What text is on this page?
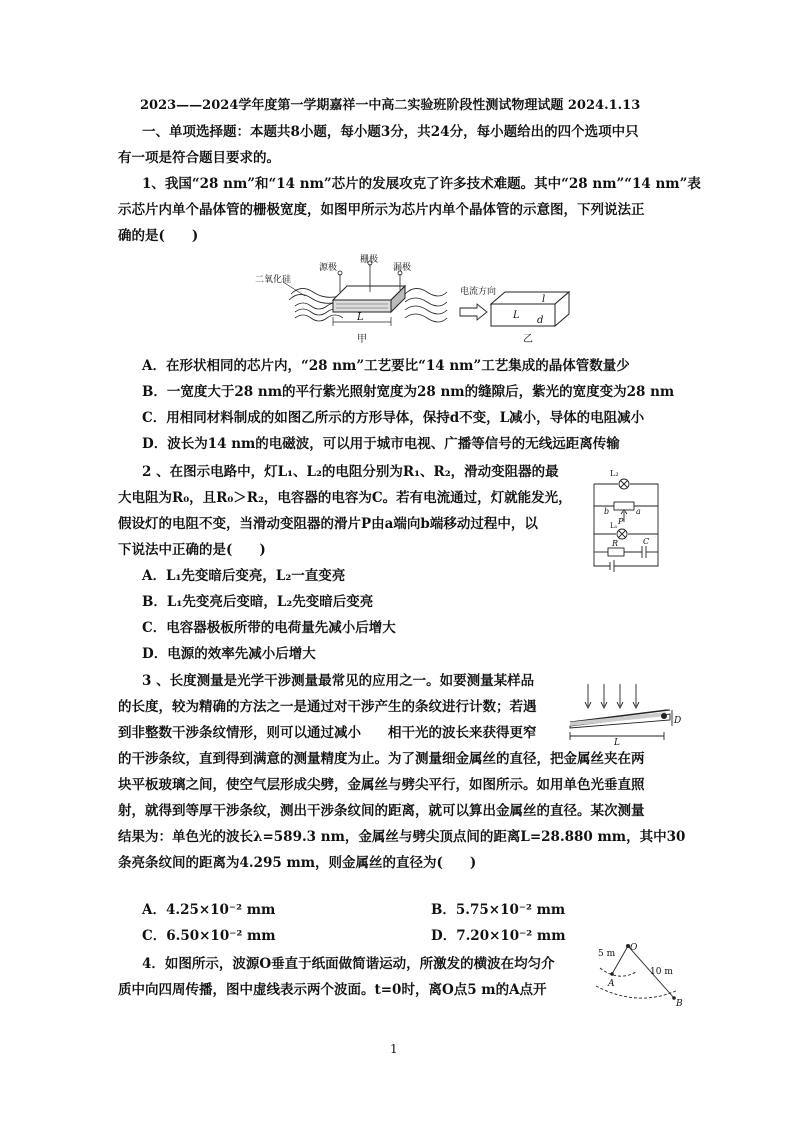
2023——2024学年度第一学期嘉祥一中高二实验班阶段性测试物理试题 2024.1.13
一、单项选择题：本题共8小题，每小题3分，共24分，每小题给出的四个选项中只
有一项是符合题目要求的。
1、我国“28 nm”和“14 nm”芯片的发展攻克了许多技术难题。其中“28 nm”“14 nm”表
示芯片内单个晶体管的栅极宽度，如图甲所示为芯片内单个晶体管的示意图，下列说法正
确的是(　　)
二氧化硅
源极
栅极
漏极
L
甲
电流方向
L
l
d
乙
A．在形状相同的芯片内，“28 nm”工艺要比“14 nm”工艺集成的晶体管数量少
B．一宽度大于28 nm的平行紫光照射宽度为28 nm的缝隙后，紫光的宽度变为28 nm
C．用相同材料制成的如图乙所示的方形导体，保持d不变，L减小，导体的电阻减小
D．波长为14 nm的电磁波，可以用于城市电视、广播等信号的无线远距离传输
2 、在图示电路中，灯L₁、L₂的电阻分别为R₁、R₂，滑动变阻器的最
大电阻为R₀，且R₀＞R₂，电容器的电容为C。若有电流通过，灯就能发光，
假设灯的电阻不变，当滑动变阻器的滑片P由a端向b端移动过程中，以
下说法中正确的是(　　)
L₂
b
P
a
L₁
R	C
A．L₁先变暗后变亮，L₂一直变亮
B．L₁先变亮后变暗，L₂先变暗后变亮
C．电容器极板所带的电荷量先减小后增大
D．电源的效率先减小后增大
3 、长度测量是光学干涉测量最常见的应用之一。如要测量某样品
的长度，较为精确的方法之一是通过对干涉产生的条纹进行计数；若遇
到非整数干涉条纹情形，则可以通过减小　　相干光的波长来获得更窄
的干涉条纹，直到得到满意的测量精度为止。为了测量细金属丝的直径，把金属丝夹在两
块平板玻璃之间，使空气层形成尖劈，金属丝与劈尖平行，如图所示。如用单色光垂直照
射，就得到等厚干涉条纹，测出干涉条纹间的距离，就可以算出金属丝的直径。某次测量
结果为：单色光的波长λ=589.3 nm，金属丝与劈尖顶点间的距离L=28.880 mm，其中30
条亮条纹间的距离为4.295 mm，则金属丝的直径为(　　)
D
L
A．4.25×10⁻² mm	B．5.75×10⁻² mm
C．6.50×10⁻² mm	D．7.20×10⁻² mm
4．如图所示，波源O垂直于纸面做简谐运动，所激发的横波在均匀介
质中向四周传播，图中虚线表示两个波面。t=0时，离O点5 m的A点开
5 m
O
10 m
A
B
1
